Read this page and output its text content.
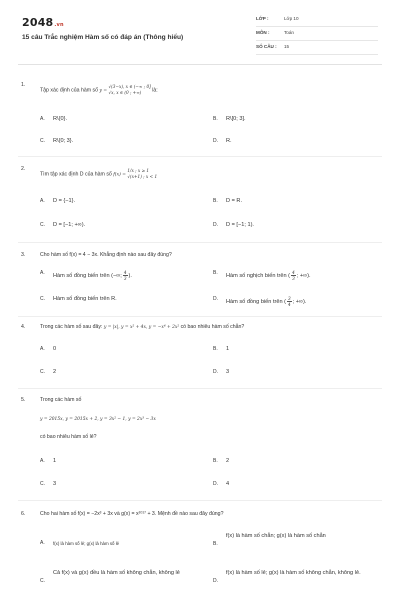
2048.vn
15 câu Trắc nghiệm Hàm số có đáp án (Thông hiểu)
LỚP :	Lớp 10
MÔN :	Toán
SỐ CÂU : 15
1.
Tập xác định của hàm số y =
√(3−x), x ∈ (−∞ ; 0]
√x, x ∈ (0 ; +∞)	là:
A. R\{0}.	B. R\[0; 3].
C. R\{0; 3}.	D. R.
2.
Tìm tập xác định D của hàm số f(x) =
1/x ; x ≥ 1
√(x+1) ; x < 1
A. D = {−1}.	B. D = R.
C. D = [−1; +∞).	D. D = [−1; 1).
3.	Cho hàm số f(x) = 4 − 3x. Khẳng định nào sau đây đúng?
A. Hàm số đồng biến trên (−∞; $\frac{4}{3}$ ).	B. Hàm số nghịch biến trên ( $\frac{4}{3}$ ; +∞).
C. Hàm số đồng biến trên R.	D. Hàm số đồng biến trên ( $\frac{3}{4}$ ; +∞).
4.	Trong các hàm số sau đây: y = |x|, y = x² + 4x, y = −x⁴ + 2x² có bao nhiêu hàm số chẵn?
A. 0	B. 1
C. 2	D. 3
5.	Trong các hàm số
y = 2015x, y = 2015x + 2, y = 3x² − 1, y = 2x³ − 3x
có bao nhiêu hàm số lẻ?
A. 1	B. 2
C. 3	D. 4
6.	Cho hai hàm số f(x) = −2x³ + 3x và g(x) = x²⁰¹⁷ + 3. Mệnh đề nào sau đây đúng?
A. f(x) là hàm số lẻ; g(x) là hàm số lẻ	B.
f(x) là hàm số chẵn; g(x) là hàm số chẵn
C.
Cả f(x) và g(x) đều là hàm số không chẵn, không lẻ
D.
f(x) là hàm số lẻ; g(x) là hàm số không chẵn, không lẻ.
